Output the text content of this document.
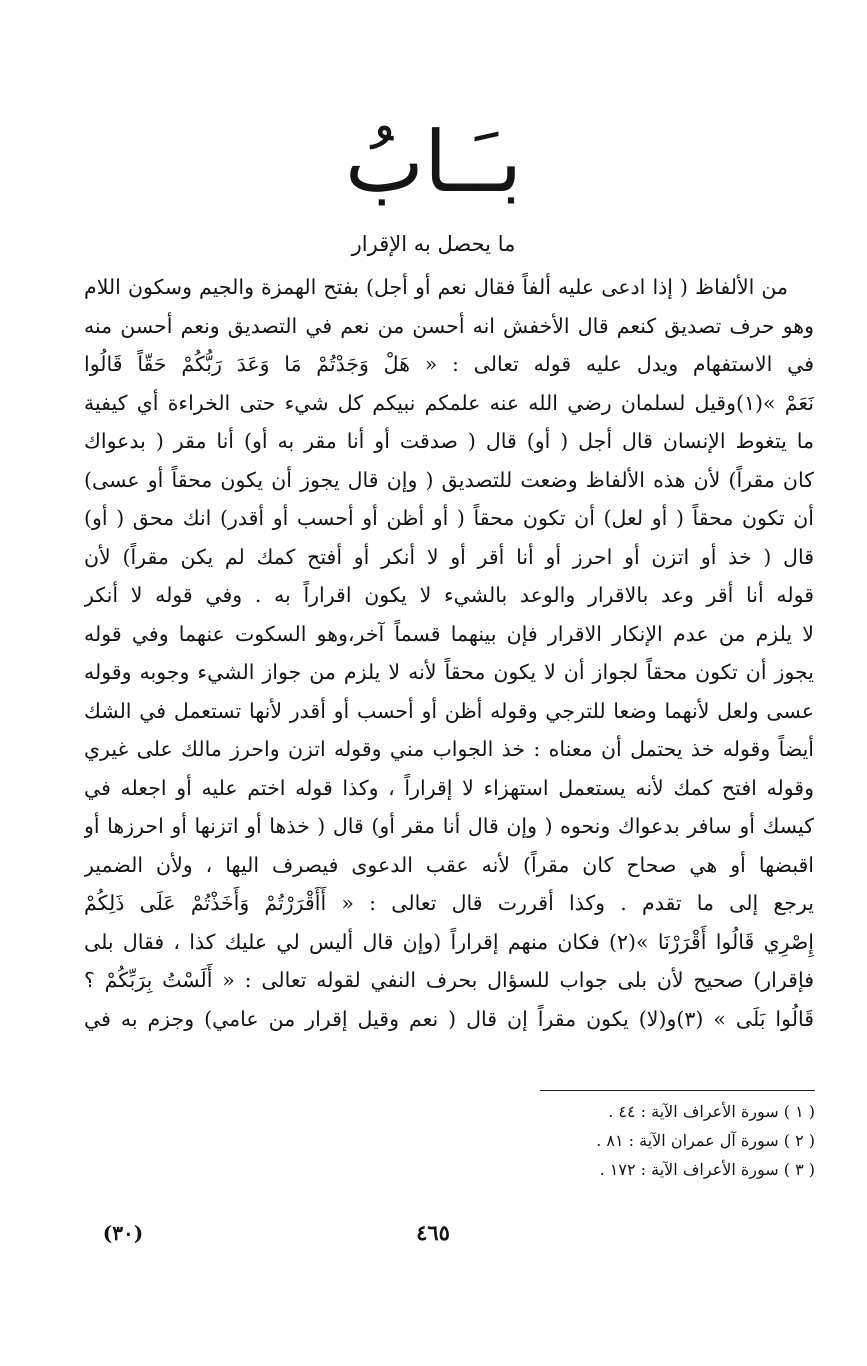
بـَـابُ
ما يحصل به الإقرار
من الألفاظ ( إذا ادعى عليه ألفاً فقال نعم أو أجل) بفتح الهمزة والجيم وسكون اللام
وهو حرف تصديق كنعم قال الأخفش انه أحسن من نعم في التصديق ونعم أحسن منه
في الاستفهام ويدل عليه قوله تعالى : « هَلْ وَجَدْتُمْ مَا وَعَدَ رَبُّكُمْ حَقّاً قَالُوا
نَعَمْ »(١)وقيل لسلمان رضي الله عنه علمكم نبيكم كل شيء حتى الخراءة أي كيفية
ما يتغوط الإنسان قال أجل ( أو) قال ( صدقت أو أنا مقر به أو) أنا مقر ( بدعواك
كان مقراً) لأن هذه الألفاظ وضعت للتصديق ( وإن قال يجوز أن يكون محقاً أو عسى)
أن تكون محقاً ( أو لعل) أن تكون محقاً ( أو أظن أو أحسب أو أقدر) انك محق ( أو)
قال ( خذ أو اتزن أو احرز أو أنا أقر أو لا أنكر أو أفتح كمك لم يكن مقراً) لأن
قوله أنا أقر وعد بالاقرار والوعد بالشيء لا يكون اقراراً به . وفي قوله لا أنكر
لا يلزم من عدم الإنكار الاقرار فإن بينهما قسماً آخر،وهو السكوت عنهما وفي قوله
يجوز أن تكون محقاً لجواز أن لا يكون محقاً لأنه لا يلزم من جواز الشيء وجوبه وقوله
عسى ولعل لأنهما وضعا للترجي وقوله أظن أو أحسب أو أقدر لأنها تستعمل في الشك
أيضاً وقوله خذ يحتمل أن معناه : خذ الجواب مني وقوله اتزن واحرز مالك على غيري
وقوله افتح كمك لأنه يستعمل استهزاء لا إقراراً ، وكذا قوله اختم عليه أو اجعله في
كيسك أو سافر بدعواك ونحوه ( وإن قال أنا مقر أو) قال ( خذها أو اتزنها أو احرزها أو
اقبضها أو هي صحاح كان مقراً) لأنه عقب الدعوى فيصرف اليها ، ولأن الضمير
يرجع إلى ما تقدم . وكذا أقررت قال تعالى : « أَأَقْرَرْتُمْ وَأَخَذْتُمْ عَلَى ذَلِكُمْ
إِصْرِي قَالُوا أَقْرَرْنَا »(٢) فكان منهم إقراراً (وإن قال أليس لي عليك كذا ، فقال بلى
فإقرار) صحيح لأن بلى جواب للسؤال بحرف النفي لقوله تعالى : « أَلَسْتُ بِرَبِّكُمْ ؟
قَالُوا بَلَى » (٣)و(لا) يكون مقراً إن قال ( نعم وقيل إقرار من عامي) وجزم به في
( ١ ) سورة الأعراف الآية : ٤٤ .
( ٢ ) سورة آل عمران الآية : ٨١ .
( ٣ ) سورة الأعراف الآية : ١٧٢ .
٤٦٥
(٣٠)
